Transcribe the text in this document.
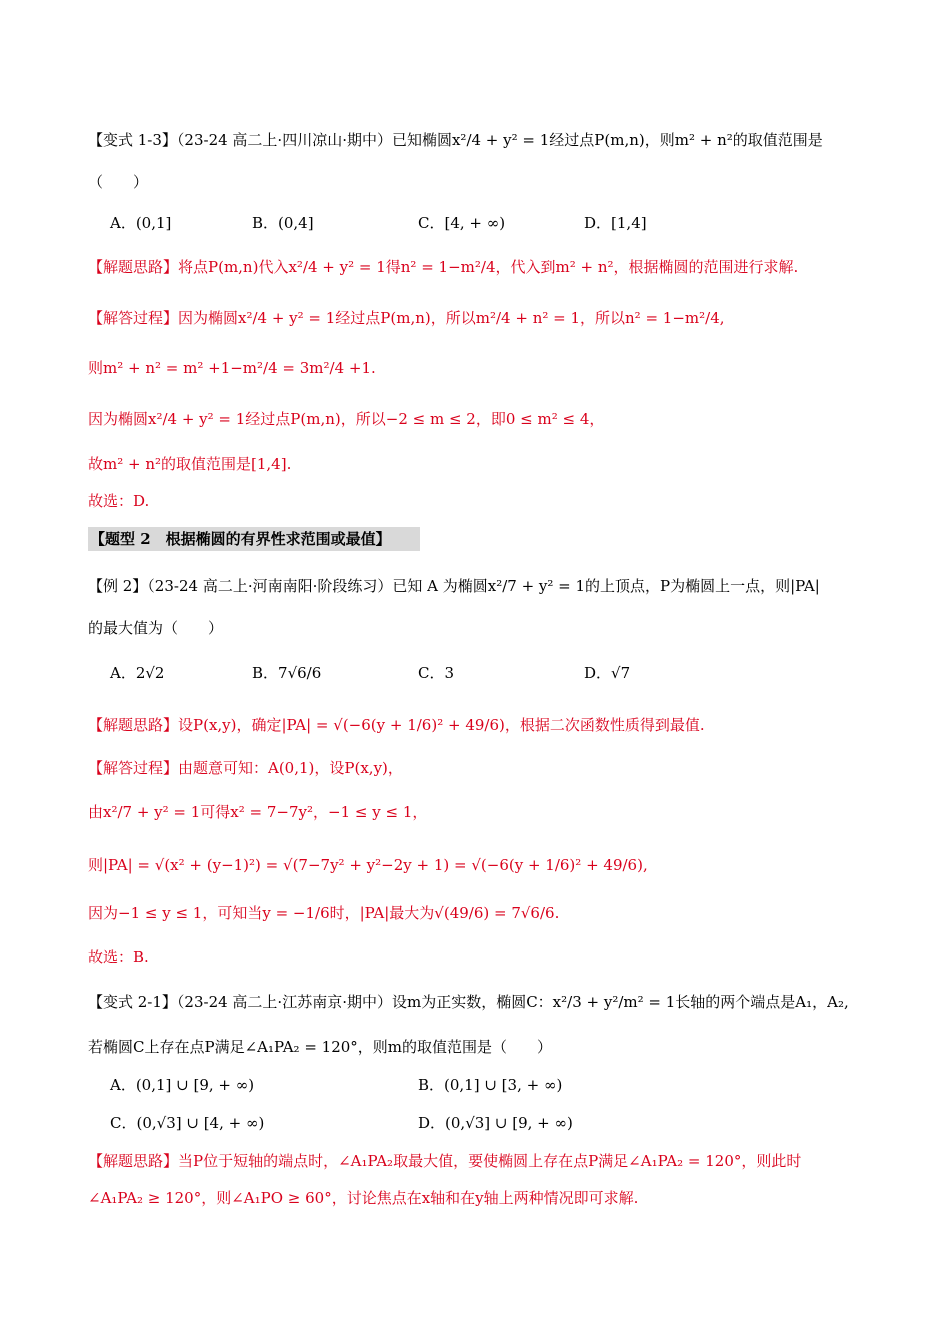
【变式 1-3】（23-24 高二上·四川凉山·期中）已知椭圆x²/4 + y² = 1经过点P(m,n)，则m² + n²的取值范围是
（　　）
A．(0,1]	B．(0,4]	C．[4, + ∞)	D．[1,4]
【解题思路】将点P(m,n)代入x²/4 + y² = 1得n² = 1−m²/4，代入到m² + n²，根据椭圆的范围进行求解.
【解答过程】因为椭圆x²/4 + y² = 1经过点P(m,n)，所以m²/4 + n² = 1，所以n² = 1−m²/4,
则m² + n² = m² +1−m²/4 = 3m²/4 +1.
因为椭圆x²/4 + y² = 1经过点P(m,n)，所以−2 ≤ m ≤ 2，即0 ≤ m² ≤ 4，
故m² + n²的取值范围是[1,4].
故选：D.
【题型 2　根据椭圆的有界性求范围或最值】
【例 2】（23-24 高二上·河南南阳·阶段练习）已知 A 为椭圆x²/7 + y² = 1的上顶点，P为椭圆上一点，则|PA|
的最大值为（　　）
A．2√2	B．7√6/6	C．3	D．√7
【解题思路】设P(x,y)，确定|PA| = √(−6(y + 1/6)² + 49/6)，根据二次函数性质得到最值.
【解答过程】由题意可知：A(0,1)，设P(x,y)，
由x²/7 + y² = 1可得x² = 7−7y²，−1 ≤ y ≤ 1，
则|PA| = √(x² + (y−1)²) = √(7−7y² + y²−2y + 1) = √(−6(y + 1/6)² + 49/6),
因为−1 ≤ y ≤ 1，可知当y = −1/6时，|PA|最大为√(49/6) = 7√6/6.
故选：B.
【变式 2-1】（23-24 高二上·江苏南京·期中）设m为正实数，椭圆C：x²/3 + y²/m² = 1长轴的两个端点是A₁，A₂,
若椭圆C上存在点P满足∠A₁PA₂ = 120°，则m的取值范围是（　　）
A．(0,1] ∪ [9, + ∞)	B．(0,1] ∪ [3, + ∞)
C．(0,√3] ∪ [4, + ∞)	D．(0,√3] ∪ [9, + ∞)
【解题思路】当P位于短轴的端点时，∠A₁PA₂取最大值，要使椭圆上存在点P满足∠A₁PA₂ = 120°，则此时
∠A₁PA₂ ≥ 120°，则∠A₁PO ≥ 60°，讨论焦点在x轴和在y轴上两种情况即可求解.
